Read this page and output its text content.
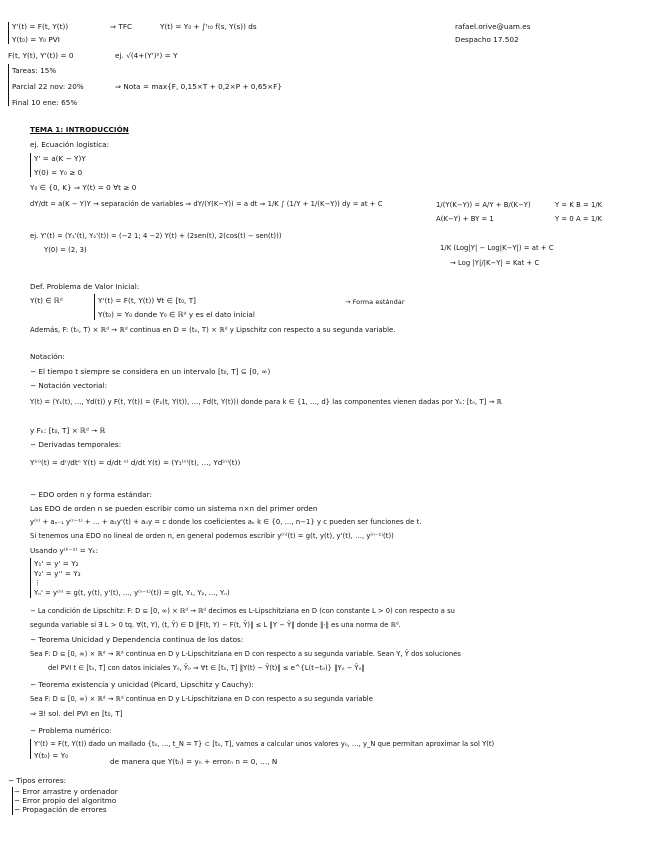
Y'(t) = F(t, Y(t))	⇒ TFC	Y(t) = Y₀ + ∫ᵗₜ₀ f(s, Y(s)) ds
Y(t₀) = Y₀ PVI
F(t, Y(t), Y'(t)) = 0	ej. √(4+(Y')²) = Y
rafael.orive@uam.es
Despacho 17.502
Tareas: 15%
Parcial 22 nov: 20%	⇒ Nota = max{F, 0,15×T + 0,2×P + 0,65×F}
Final 10 ene: 65%
TEMA 1: INTRODUCCIÓN
ej. Ecuación logística:
Y' = a(K − Y)Y
Y(0) = Y₀ ≥ 0
Y₀ ∈ {0, K} ⇒ Y(t) = 0 ∀t ≥ 0
dY/dt = a(K − Y)Y → separación de variables ⇒ dY/(Y(K−Y)) = a dt ⇒ 1/K ∫ (1/Y + 1/(K−Y)) dy = at + C	1/(Y(K−Y)) = A/Y + B/(K−Y)	Y = K B = 1/K
A(K−Y) + BY = 1	Y = 0 A = 1/K
ej. Y'(t) = (Y₁'(t), Y₂'(t)) = (−2 1; 4 −2) Y(t) + (2sen(t), 2(cos(t) − sen(t)))
Y(0) = (2, 3)	1/K (Log|Y| − Log|K−Y|) = at + C
→ Log |Y|/|K−Y| = Kat + C
Def. Problema de Valor Inicial:
Y(t) ∈ ℝᵈ	Y'(t) = F(t, Y(t)) ∀t ∈ [t₀, T]
Y(t₀) = Y₀ donde Y₀ ∈ ℝᵈ y es el dato inicial
→ Forma estándar
Además, F: (t₀, T) × ℝᵈ → ℝᵈ continua en D = (t₀, T) × ℝᵈ y Lipschitz con respecto a su segunda variable.
Notación:
− El tiempo t siempre se considera en un intervalo [t₀, T] ⊆ [0, ∞)
− Notación vectorial:
Y(t) = (Y₁(t), …, Yd(t)) y F(t, Y(t)) = (F₁(t, Y(t)), …, Fd(t, Y(t))) donde para k ∈ {1, …, d} las componentes vienen dadas por Yₖ: [t₀, T] → ℝ
y Fₖ: [t₀, T] × ℝᵈ → ℝ
− Derivadas temporales:
Y⁽ⁿ⁾(t) = dⁿ/dtⁿ Y(t) = d/dt ⁿ⁾ d/dt Y(t) = (Y₁⁽ⁿ⁾(t), …, Yd⁽ⁿ⁾(t))
− EDO orden n y forma estándar:
Las EDO de orden n se pueden escribir como un sistema n×n del primer orden
y⁽ⁿ⁾ + aₙ₋₁ y⁽ⁿ⁻¹⁾ + … + a₁y'(t) + a₀y = c donde los coeficientes aₖ k ∈ {0, …, n−1} y c pueden ser funciones de t.
Si tenemos una EDO no lineal de orden n, en general podemos escribir y⁽ⁿ⁾(t) = g(t, y(t), y'(t), …, y⁽ⁿ⁻¹⁾(t))
Usando y⁽ᵏ⁻¹⁾ = Yₖ:
Y₁' = y' = Y₂
Y₂' = y'' = Y₃
⋮
Yₙ' = y⁽ⁿ⁾ = g(t, y(t), y'(t), …, y⁽ⁿ⁻¹⁾(t)) = g(t, Y₁, Y₂, …, Yₙ)
− La condición de Lipschitz: F: D ⊆ [0, ∞) × ℝᵈ → ℝᵈ decimos es L-Lipschitziana en D (con constante L > 0) con respecto a su
segunda variable si ∃ L > 0 tq. ∀(t, Y), (t, Ŷ) ∈ D ‖F(t, Y) − F(t, Ŷ)‖ ≤ L ‖Y − Ŷ‖ donde ‖·‖ es una norma de ℝᵈ.
− Teorema Unicidad y Dependencia continua de los datos:
Sea F: D ⊆ [0, ∞) × ℝᵈ → ℝᵈ continua en D y L-Lipschitziana en D con respecto a su segunda variable. Sean Y, Ŷ dos soluciones
del PVI t ∈ [t₀, T] con datos iniciales Y₀, Ŷ₀ ⇒ ∀t ∈ [t₀, T] ‖Y(t) − Ŷ(t)‖ ≤ e^{L(t−t₀)} ‖Y₀ − Ŷ₀‖
− Teorema existencia y unicidad (Picard, Lipschitz y Cauchy):
Sea F: D ⊆ [0, ∞) × ℝᵈ → ℝᵈ continua en D y L-Lipschitziana en D con respecto a su segunda variable
⇒ ∃! sol. del PVI en [t₀, T]
− Problema numérico:
Y'(t) = F(t, Y(t)) dado un mallado {t₀, …, t_N = T} ⊂ [t₀, T], vamos a calcular unos valores y₀, …, y_N que permitan aproximar la sol Y(t)
Y(t₀) = Y₀
de manera que Y(tₙ) = yₙ + errorₙ n = 0, …, N
− Tipos errores:
− Error arrastre y ordenador
− Error propio del algoritmo
− Propagación de errores
